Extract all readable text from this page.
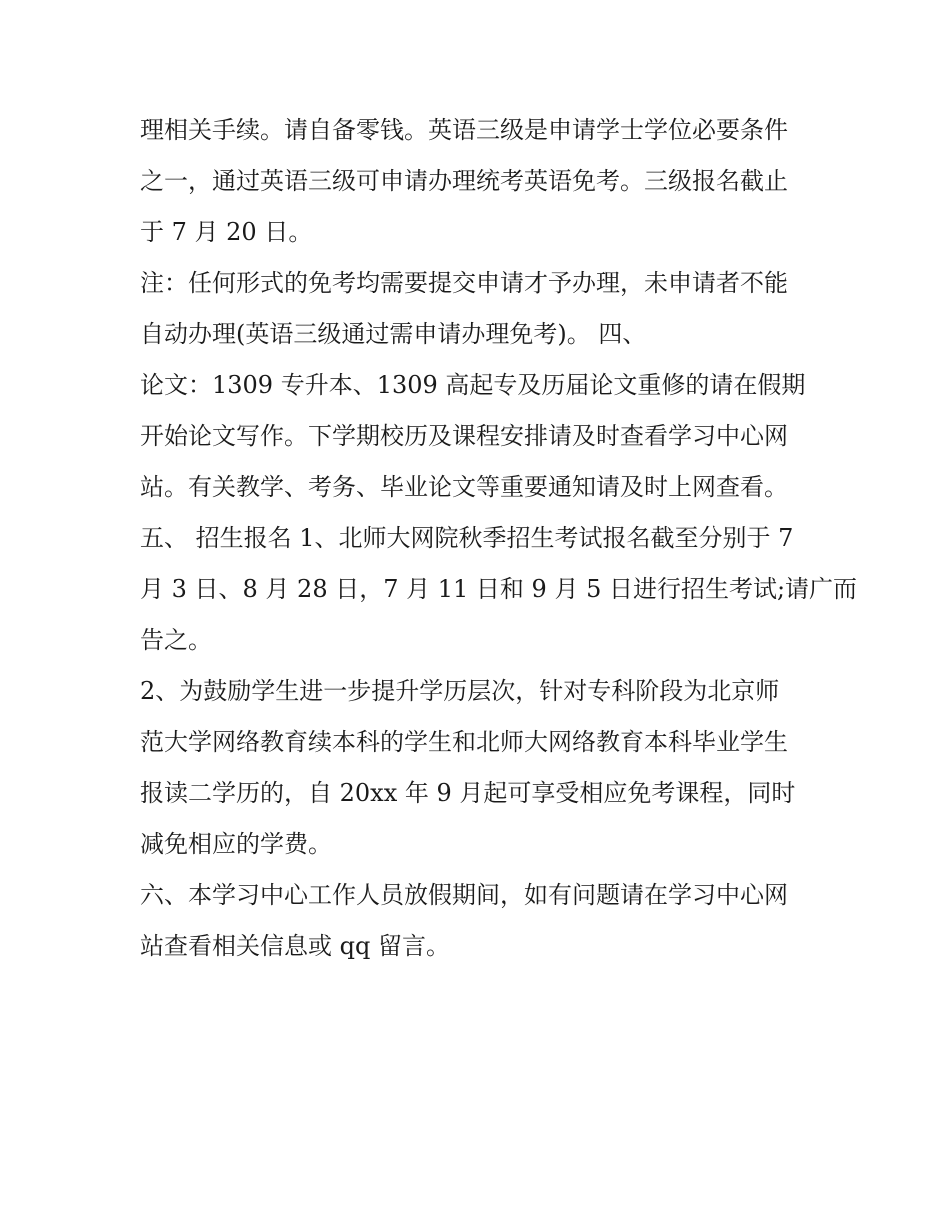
理相关手续。请自备零钱。英语三级是申请学士学位必要条件
之一，通过英语三级可申请办理统考英语免考。三级报名截止
于 7 月 20 日。
注：任何形式的免考均需要提交申请才予办理，未申请者不能
自动办理(英语三级通过需申请办理免考)。 四、
论文：1309 专升本、1309 高起专及历届论文重修的请在假期
开始论文写作。下学期校历及课程安排请及时查看学习中心网
站。有关教学、考务、毕业论文等重要通知请及时上网查看。
五、 招生报名 1、北师大网院秋季招生考试报名截至分别于 7
月 3 日、8 月 28 日，7 月 11 日和 9 月 5 日进行招生考试;请广而
告之。
2、为鼓励学生进一步提升学历层次，针对专科阶段为北京师
范大学网络教育续本科的学生和北师大网络教育本科毕业学生
报读二学历的，自 20xx 年 9 月起可享受相应免考课程，同时
减免相应的学费。
六、本学习中心工作人员放假期间，如有问题请在学习中心网
站查看相关信息或 qq 留言。
